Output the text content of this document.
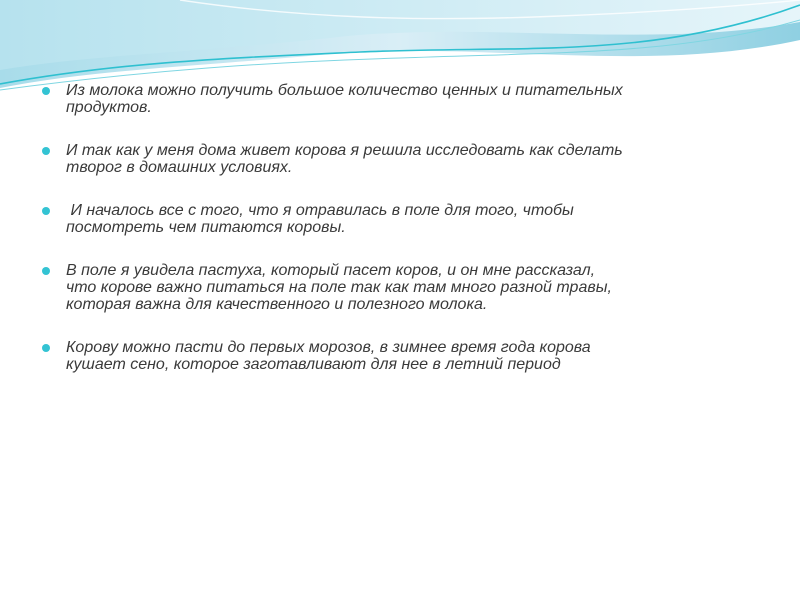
Из молока можно получить большое количество ценных и питательных
продуктов.
И так как у меня дома живет корова я решила исследовать как сделать
творог в домашних условиях.
И началось все с того, что я отравилась в поле для того, чтобы
посмотреть чем питаются коровы.
В поле я увидела пастуха, который пасет коров, и он мне рассказал,
что корове важно питаться на поле так как там много разной травы,
которая важна для качественного и полезного молока.
Корову можно пасти до первых морозов, в зимнее время года корова
кушает сено, которое заготавливают для нее в летний период
